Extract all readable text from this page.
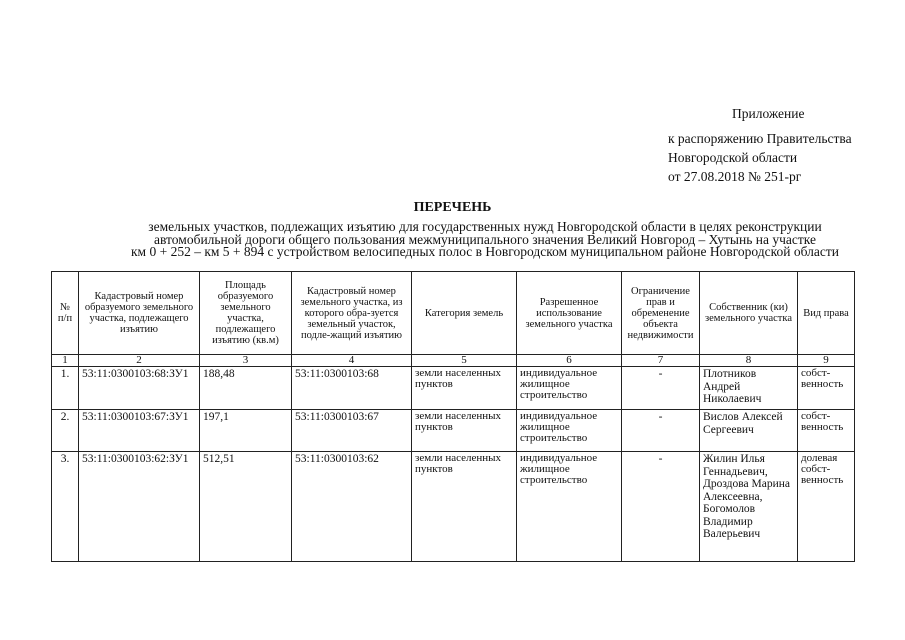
Приложение
к распоряжению Правительства
Новгородской области
от 27.08.2018 № 251-рг
ПЕРЕЧЕНЬ
земельных участков, подлежащих изъятию для государственных нужд Новгородской области в целях реконструкции
автомобильной дороги общего пользования межмуниципального значения Великий Новгород – Хутынь на участке
км 0 + 252 – км 5 + 894 с устройством велосипедных полос в Новгородском муниципальном районе Новгородской области
№ п/п	Кадастровый номер образуемого земельного участка, подлежащего изъятию	Площадь образуемого земельного участка, подлежащего изъятию (кв.м)	Кадастровый номер земельного участка, из которого обра-зуется земельный участок, подле-жащий изъятию	Категория земель	Разрешенное использование земельного участка	Ограничение прав и обременение объекта недвижимости	Собственник (ки) земельного участка	Вид права
1	2	3	4	5	6	7	8	9
1.	53:11:0300103:68:ЗУ1	188,48	53:11:0300103:68	земли населенных пунктов	индивидуальное жилищное строительство	-	Плотников Андрей Николаевич	собст-венность
2.	53:11:0300103:67:ЗУ1	197,1	53:11:0300103:67	земли населенных пунктов	индивидуальное жилищное строительство	-	Вислов Алексей Сергеевич	собст-венность
3.	53:11:0300103:62:ЗУ1	512,51	53:11:0300103:62	земли населенных пунктов	индивидуальное жилищное строительство	-	Жилин Илья Геннадьевич, Дроздова Марина Алексеевна, Богомолов Владимир Валерьевич	долевая собст-венность
